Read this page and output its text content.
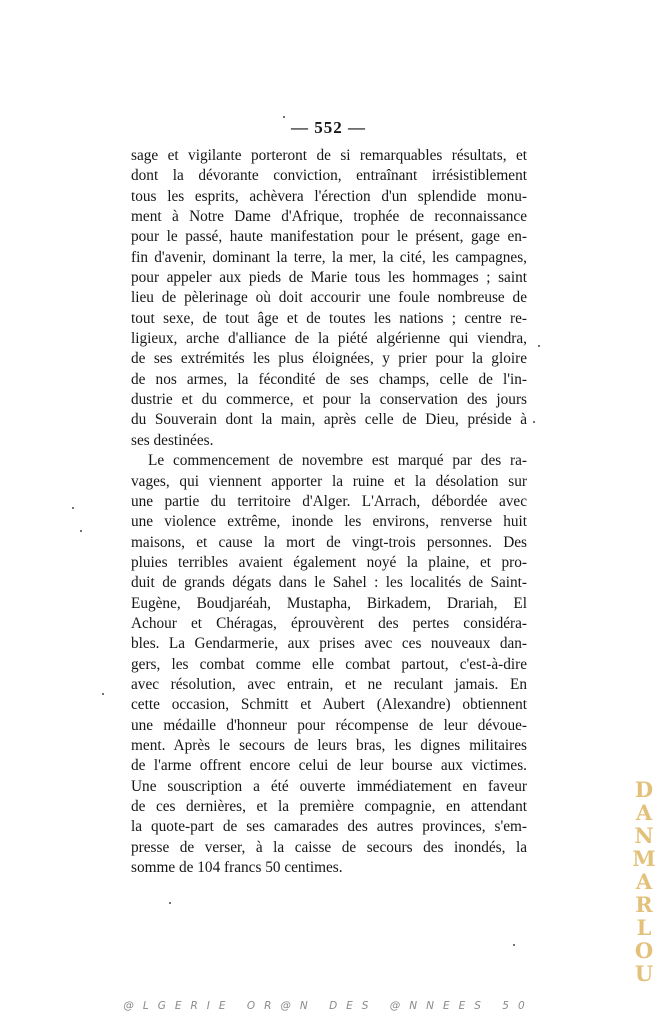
— 552 —
sage et vigilante porteront de si remarquables résultats, et
dont la dévorante conviction, entraînant irrésistiblement
tous les esprits, achèvera l'érection d'un splendide monu-
ment à Notre Dame d'Afrique, trophée de reconnaissance
pour le passé, haute manifestation pour le présent, gage en-
fin d'avenir, dominant la terre, la mer, la cité, les campagnes,
pour appeler aux pieds de Marie tous les hommages ; saint
lieu de pèlerinage où doit accourir une foule nombreuse de
tout sexe, de tout âge et de toutes les nations ; centre re-
ligieux, arche d'alliance de la piété algérienne qui viendra,
de ses extrémités les plus éloignées, y prier pour la gloire
de nos armes, la fécondité de ses champs, celle de l'in-
dustrie et du commerce, et pour la conservation des jours
du Souverain dont la main, après celle de Dieu, préside à
ses destinées.
Le commencement de novembre est marqué par des ra-
vages, qui viennent apporter la ruine et la désolation sur
une partie du territoire d'Alger. L'Arrach, débordée avec
une violence extrême, inonde les environs, renverse huit
maisons, et cause la mort de vingt-trois personnes. Des
pluies terribles avaient également noyé la plaine, et pro-
duit de grands dégats dans le Sahel : les localités de Saint-
Eugène, Boudjaréah, Mustapha, Birkadem, Drariah, El
Achour et Chéragas, éprouvèrent des pertes considéra-
bles. La Gendarmerie, aux prises avec ces nouveaux dan-
gers, les combat comme elle combat partout, c'est-à-dire
avec résolution, avec entrain, et ne reculant jamais. En
cette occasion, Schmitt et Aubert (Alexandre) obtiennent
une médaille d'honneur pour récompense de leur dévoue-
ment. Après le secours de leurs bras, les dignes militaires
de l'arme offrent encore celui de leur bourse aux victimes.
Une souscription a été ouverte immédiatement en faveur
de ces dernières, et la première compagnie, en attendant
la quote-part de ses camarades des autres provinces, s'em-
presse de verser, à la caisse de secours des inondés, la
somme de 104 francs 50 centimes.
D
A
N
M
A
R
L
O
U
@LGERIE OR@N DES @NNEES 50
